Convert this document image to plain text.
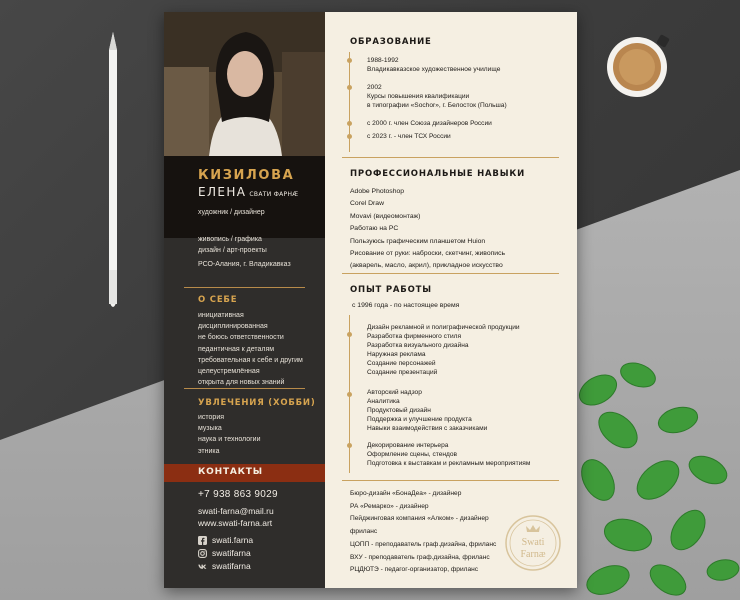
КИЗИЛОВА
ЕЛЕНА СВАТИ ФАРНÆ
художник / дизайнер
живопись / графика
дизайн / арт-проекты
РСО-Алания, г. Владикавказ
О СЕБЕ
инициативная
дисциплинированная
не боюсь ответственности
педантичная к деталям
требовательная к себе и другим
целеустремлённая
открыта для новых знаний
УВЛЕЧЕНИЯ (ХОББИ)
история
музыка
наука и технологии
этника
КОНТАКТЫ
+7 938 863 9029
swati-farna@mail.ru
www.swati-farna.art
swati.farna
swatifarna
swatifarna
ОБРАЗОВАНИЕ
1988-1992
Владикавказское художественное училище
2002
Курсы повышения квалификации
в типографии «Sochor», г. Белосток (Польша)
с 2000 г. член Союза дизайнеров России
с 2023 г. - член ТСХ России
ПРОФЕССИОНАЛЬНЫЕ НАВЫКИ
Adobe Photoshop
Corel Draw
Movavi (видеомонтаж)
Работаю на PC
Пользуюсь графическим планшетом Huion
Рисование от руки: наброски, скетчинг, живопись
(акварель, масло, акрил), прикладное искусство
ОПЫТ РАБОТЫ
с 1996 года - по настоящее время
Дизайн рекламной и полиграфической продукции
Разработка фирменного стиля
Разработка визуального дизайна
Наружная реклама
Создание персонажей
Создание презентаций
Авторский надзор
Аналитика
Продуктовый дизайн
Поддержка и улучшение продукта
Навыки взаимодействия с заказчиками
Декорирование интерьера
Оформление сцены, стендов
Подготовка к выставкам и рекламным мероприятиям
Бюро-дизайн «БонаДеа» - дизайнер
РА «Ремарко» - дизайнер
Пейджинговая компания «Алком» - дизайнер
фриланс
ЦОПП - преподаватель граф.дизайна, фриланс
ВХУ - преподаватель граф.дизайна, фриланс
РЦДЮТЭ - педагог-организатор, фриланс
Swati
Farnæ
